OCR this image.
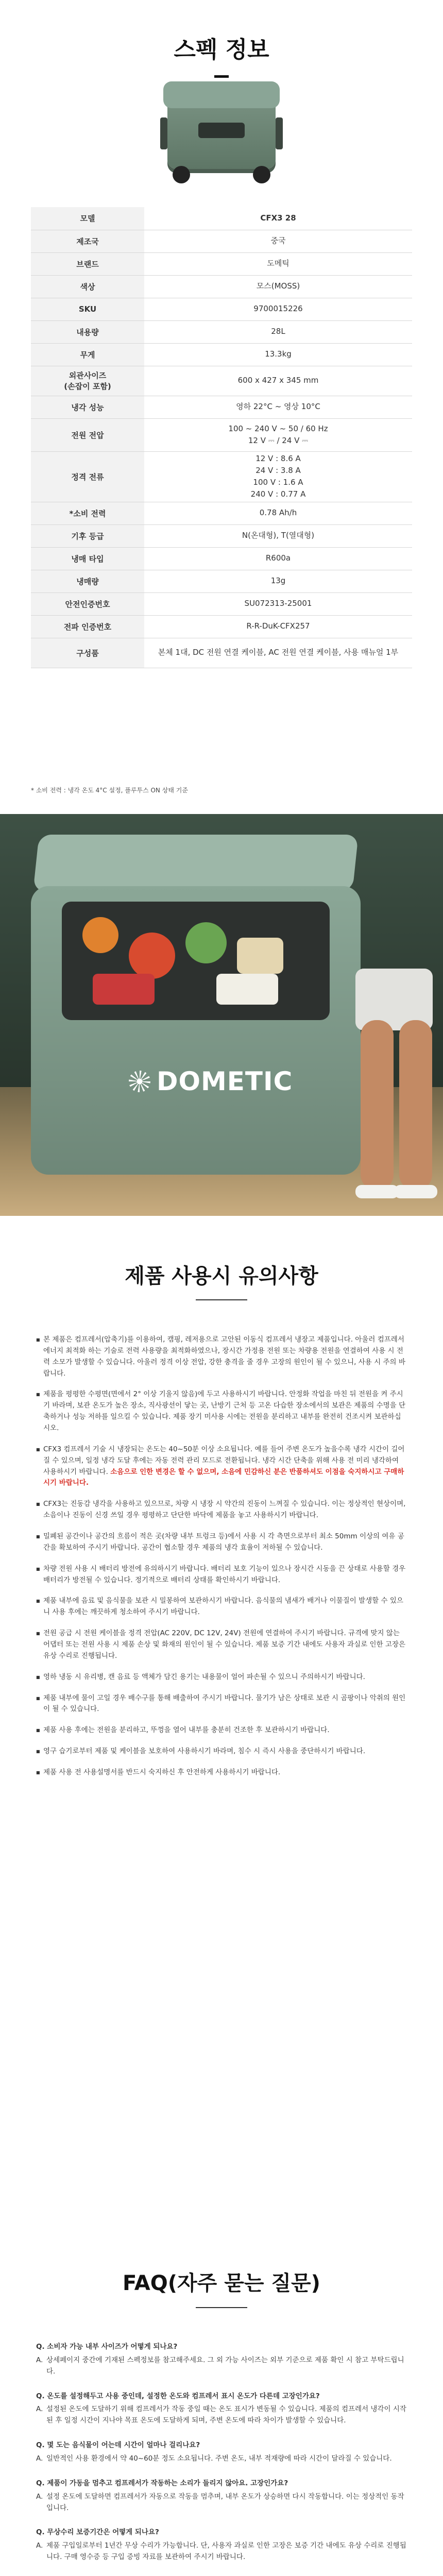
스펙 정보
모델	CFX3 28
제조국	중국
브랜드	도메틱
색상	모스(MOSS)
SKU	9700015226
내용량	28L
무게	13.3kg
외관사이즈
(손잡이 포함)	600 x 427 x 345 mm
냉각 성능	영하 22°C ~ 영상 10°C
전원 전압	100 ~ 240 V ~ 50 / 60 Hz
12 V ⎓ / 24 V ⎓
정격 전류	12 V : 8.6 A
24 V : 3.8 A
100 V : 1.6 A
240 V : 0.77 A
*소비 전력	0.78 Ah/h
기후 등급	N(온대형), T(열대형)
냉매 타입	R600a
냉매량	13g
안전인증번호	SU072313-25001
전파 인증번호	R-R-DuK-CFX257
구성품	본체 1대, DC 전원 연결 케이블, AC 전원 연결 케이블, 사용 매뉴얼 1부
* 소비 전력 : 냉각 온도 4°C 설정, 플루투스 ON 상태 기준
DOMETIC
제품 사용시 유의사항
■ 본 제품은 컴프레서(압축기)를 이용하여, 캠핑, 레저용으로 고안된 이동식 컴프레서 냉장고 제품입니다. 아울러 컴프레서 에너지 최적화 하는 기술로 전력 사용량을 최적화하였으나, 장시간 가정용 전원 또는 차량용 전원을 연결하여 사용 시 전력 소모가 발생할 수 있습니다. 아울러 정격 이상 전압, 강한 충격을 줄 경우 고장의 원인이 될 수 있으니, 사용 시 주의 바랍니다.
■ 제품을 평평한 수평면(면에서 2° 이상 기울지 않음)에 두고 사용하시기 바랍니다. 안정화 작업을 마친 뒤 전원을 켜 주시기 바라며, 보관 온도가 높은 장소, 직사광선이 닿는 곳, 난방기 근처 등 고온 다습한 장소에서의 보관은 제품의 수명을 단축하거나 성능 저하를 일으킬 수 있습니다. 제품 장기 미사용 시에는 전원을 분리하고 내부를 완전히 건조시켜 보관하십시오.
■ CFX3 컴프레서 기술 시 냉장되는 온도는 40~50분 이상 소요됩니다. 예를 들어 주변 온도가 높을수록 냉각 시간이 길어질 수 있으며, 일정 냉각 도달 후에는 자동 전력 관리 모드로 전환됩니다. 냉각 시간 단축을 위해 사용 전 미리 냉각하여 사용하시기 바랍니다. 소음으로 인한 변경은 할 수 없으며, 소음에 민감하신 분은 반품하셔도 이점을 숙지하시고 구매하시기 바랍니다.
■ CFX3는 진동감 냉각을 사용하고 있으므로, 차량 시 냉장 시 약간의 진동이 느껴질 수 있습니다. 이는 정상적인 현상이며, 소음이나 진동이 신경 쓰일 경우 평평하고 단단한 바닥에 제품을 놓고 사용하시기 바랍니다.
■ 밀폐된 공간이나 공간의 흐름이 적은 곳(차량 내부 트렁크 등)에서 사용 시 각 측면으로부터 최소 50mm 이상의 여유 공간을 확보하여 주시기 바랍니다. 공간이 협소할 경우 제품의 냉각 효율이 저하될 수 있습니다.
■ 차량 전원 사용 시 배터리 방전에 유의하시기 바랍니다. 배터리 보호 기능이 있으나 장시간 시동을 끈 상태로 사용할 경우 배터리가 방전될 수 있습니다. 정기적으로 배터리 상태를 확인하시기 바랍니다.
■ 제품 내부에 음료 및 음식물을 보관 시 밀봉하여 보관하시기 바랍니다. 음식물의 냄새가 배거나 이물질이 발생할 수 있으니 사용 후에는 깨끗하게 청소하여 주시기 바랍니다.
■ 전원 공급 시 전원 케이블을 정격 전압(AC 220V, DC 12V, 24V) 전원에 연결하여 주시기 바랍니다. 규격에 맞지 않는 어댑터 또는 전원 사용 시 제품 손상 및 화재의 원인이 될 수 있습니다. 제품 보증 기간 내에도 사용자 과실로 인한 고장은 유상 수리로 진행됩니다.
■ 영하 냉동 시 유리병, 캔 음료 등 액체가 담긴 용기는 내용물이 얼어 파손될 수 있으니 주의하시기 바랍니다.
■ 제품 내부에 물이 고일 경우 배수구를 통해 배출하여 주시기 바랍니다. 물기가 남은 상태로 보관 시 곰팡이나 악취의 원인이 될 수 있습니다.
■ 제품 사용 후에는 전원을 분리하고, 뚜껑을 열어 내부를 충분히 건조한 후 보관하시기 바랍니다.
■ 영구 습기로부터 제품 및 케이블을 보호하여 사용하시기 바라며, 침수 시 즉시 사용을 중단하시기 바랍니다.
■ 제품 사용 전 사용설명서를 반드시 숙지하신 후 안전하게 사용하시기 바랍니다.
FAQ(자주 묻는 질문)
Q. 소비자 가능 내부 사이즈가 어떻게 되나요?
A. 상세페이지 중간에 기재된 스펙정보를 참고해주세요. 그 외 가능 사이즈는 외부 기준으로 제품 확인 시 참고 부탁드립니다.
Q. 온도를 설정해두고 사용 중인데, 설정한 온도와 컴프레서 표시 온도가 다른데 고장인가요?
A. 설정된 온도에 도달하기 위해 컴프레서가 작동 중일 때는 온도 표시가 변동될 수 있습니다. 제품의 컴프레서 냉각이 시작된 후 일정 시간이 지나야 목표 온도에 도달하게 되며, 주변 온도에 따라 차이가 발생할 수 있습니다.
Q. 몇 도는 음식물이 어는데 시간이 얼마나 걸리나요?
A. 일반적인 사용 환경에서 약 40~60분 정도 소요됩니다. 주변 온도, 내부 적재량에 따라 시간이 달라질 수 있습니다.
Q. 제품이 가동을 멈추고 컴프레서가 작동하는 소리가 들리지 않아요. 고장인가요?
A. 설정 온도에 도달하면 컴프레서가 자동으로 작동을 멈추며, 내부 온도가 상승하면 다시 작동합니다. 이는 정상적인 동작입니다.
Q. 무상수리 보증기간은 어떻게 되나요?
A. 제품 구입일로부터 1년간 무상 수리가 가능합니다. 단, 사용자 과실로 인한 고장은 보증 기간 내에도 유상 수리로 진행됩니다. 구매 영수증 등 구입 증빙 자료를 보관하여 주시기 바랍니다.
